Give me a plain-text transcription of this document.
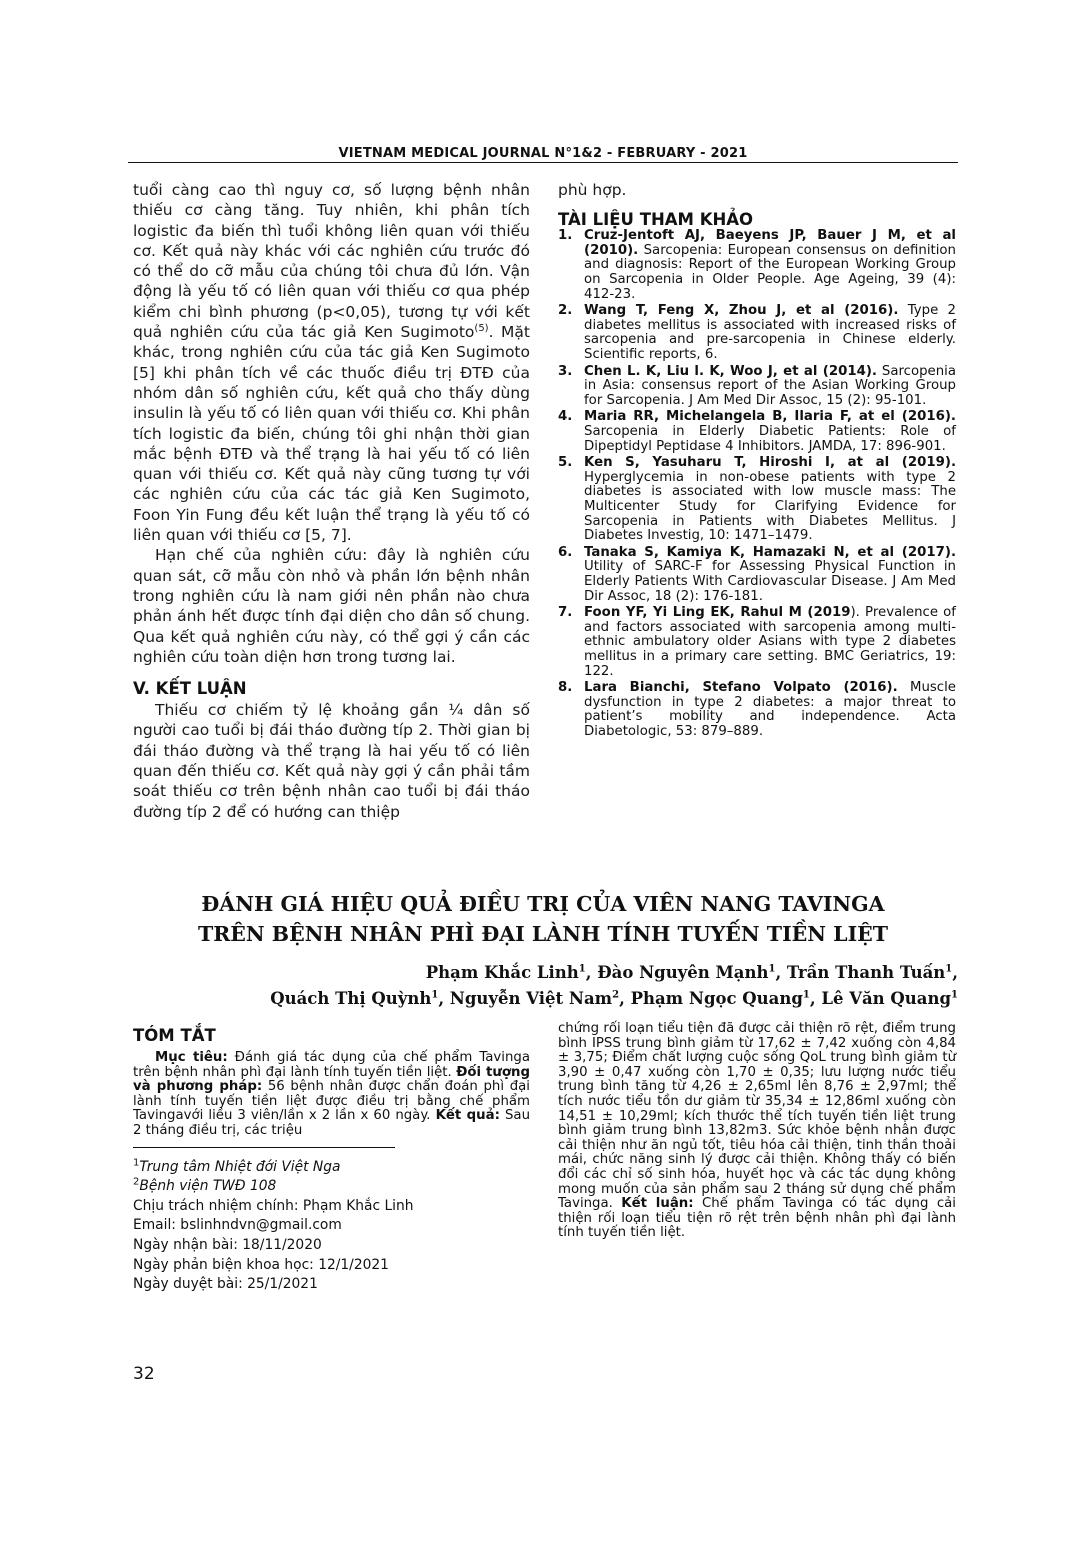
VIETNAM MEDICAL JOURNAL N°1&2 - FEBRUARY - 2021

tuổi càng cao thì nguy cơ, số lượng bệnh nhân thiếu cơ càng tăng. Tuy nhiên, khi phân tích logistic đa biến thì tuổi không liên quan với thiếu cơ. Kết quả này khác với các nghiên cứu trước đó có thể do cỡ mẫu của chúng tôi chưa đủ lớn. Vận động là yếu tố có liên quan với thiếu cơ qua phép kiểm chi bình phương (p<0,05), tương tự với kết quả nghiên cứu của tác giả Ken Sugimoto$^{(5)}$. Mặt khác, trong nghiên cứu của tác giả Ken Sugimoto [5] khi phân tích về các thuốc điều trị ĐTĐ của nhóm dân số nghiên cứu, kết quả cho thấy dùng insulin là yếu tố có liên quan với thiếu cơ. Khi phân tích logistic đa biến, chúng tôi ghi nhận thời gian mắc bệnh ĐTĐ và thể trạng là hai yếu tố có liên quan với thiếu cơ. Kết quả này cũng tương tự với các nghiên cứu của các tác giả Ken Sugimoto, Foon Yin Fung đều kết luận thể trạng là yếu tố có liên quan với thiếu cơ [5, 7].

Hạn chế của nghiên cứu: đây là nghiên cứu quan sát, cỡ mẫu còn nhỏ và phần lớn bệnh nhân trong nghiên cứu là nam giới nên phần nào chưa phản ánh hết được tính đại diện cho dân số chung. Qua kết quả nghiên cứu này, có thể gợi ý cần các nghiên cứu toàn diện hơn trong tương lai.

V. KẾT LUẬN

Thiếu cơ chiếm tỷ lệ khoảng gần ¼ dân số người cao tuổi bị đái tháo đường típ 2. Thời gian bị đái tháo đường và thể trạng là hai yếu tố có liên quan đến thiếu cơ. Kết quả này gợi ý cần phải tầm soát thiếu cơ trên bệnh nhân cao tuổi bị đái tháo đường típ 2 để có hướng can thiệp

phù hợp.

TÀI LIỆU THAM KHẢO
1. Cruz-Jentoft AJ, Baeyens JP, Bauer J M, et al (2010). Sarcopenia: European consensus on definition and diagnosis: Report of the European Working Group on Sarcopenia in Older People. Age Ageing, 39 (4): 412-23.
2. Wang T, Feng X, Zhou J, et al (2016). Type 2 diabetes mellitus is associated with increased risks of sarcopenia and pre-sarcopenia in Chinese elderly. Scientific reports, 6.
3. Chen L. K, Liu l. K, Woo J, et al (2014). Sarcopenia in Asia: consensus report of the Asian Working Group for Sarcopenia. J Am Med Dir Assoc, 15 (2): 95-101.
4. Maria RR, Michelangela B, Ilaria F, at el (2016). Sarcopenia in Elderly Diabetic Patients: Role of Dipeptidyl Peptidase 4 Inhibitors. JAMDA, 17: 896-901.
5. Ken S, Yasuharu T, Hiroshi I, at al (2019). Hyperglycemia in non-obese patients with type 2 diabetes is associated with low muscle mass: The Multicenter Study for Clarifying Evidence for Sarcopenia in Patients with Diabetes Mellitus. J Diabetes Investig, 10: 1471–1479.
6. Tanaka S, Kamiya K, Hamazaki N, et al (2017). Utility of SARC-F for Assessing Physical Function in Elderly Patients With Cardiovascular Disease. J Am Med Dir Assoc, 18 (2): 176-181.
7. Foon YF, Yi Ling EK, Rahul M (2019). Prevalence of and factors associated with sarcopenia among multi-ethnic ambulatory older Asians with type 2 diabetes mellitus in a primary care setting. BMC Geriatrics, 19: 122.
8. Lara Bianchi, Stefano Volpato (2016). Muscle dysfunction in type 2 diabetes: a major threat to patient’s mobility and independence. Acta Diabetologic, 53: 879–889.
ĐÁNH GIÁ HIỆU QUẢ ĐIỀU TRỊ CỦA VIÊN NANG TAVINGA
TRÊN BỆNH NHÂN PHÌ ĐẠI LÀNH TÍNH TUYẾN TIỀN LIỆT
Phạm Khắc Linh$^1$, Đào Nguyên Mạnh$^1$, Trần Thanh Tuấn$^1$,
Quách Thị Quỳnh$^1$, Nguyễn Việt Nam$^2$, Phạm Ngọc Quang$^1$, Lê Văn Quang$^1$
TÓM TẮT

Mục tiêu: Đánh giá tác dụng của chế phẩm Tavinga trên bệnh nhân phì đại lành tính tuyến tiền liệt. Đối tượng và phương pháp: 56 bệnh nhân được chẩn đoán phì đại lành tính tuyến tiền liệt được điều trị bằng chế phẩm Tavingavới liều 3 viên/lần x 2 lần x 60 ngày. Kết quả: Sau 2 tháng điều trị, các triệu

$^1$Trung tâm Nhiệt đới Việt Nga

$^2$Bệnh viện TWĐ 108

Chịu trách nhiệm chính: Phạm Khắc Linh

Email: bslinhndvn@gmail.com

Ngày nhận bài: 18/11/2020

Ngày phản biện khoa học: 12/1/2021

Ngày duyệt bài: 25/1/2021

chứng rối loạn tiểu tiện đã được cải thiện rõ rệt, điểm trung bình IPSS trung bình giảm từ 17,62 ± 7,42 xuống còn 4,84 ± 3,75; Điểm chất lượng cuộc sống QoL trung bình giảm từ 3,90 ± 0,47 xuống còn 1,70 ± 0,35; lưu lượng nước tiểu trung bình tăng từ 4,26 ± 2,65ml lên 8,76 ± 2,97ml; thể tích nước tiểu tồn dư giảm từ 35,34 ± 12,86ml xuống còn 14,51 ± 10,29ml; kích thước thể tích tuyến tiền liệt trung bình giảm trung bình 13,82m3. Sức khỏe bệnh nhân được cải thiện như ăn ngủ tốt, tiêu hóa cải thiện, tinh thần thoải mái, chức năng sinh lý được cải thiện. Không thấy có biến đổi các chỉ số sinh hóa, huyết học và các tác dụng không mong muốn của sản phẩm sau 2 tháng sử dụng chế phẩm Tavinga. Kết luận: Chế phẩm Tavinga có tác dụng cải thiện rối loạn tiểu tiện rõ rệt trên bệnh nhân phì đại lành tính tuyến tiền liệt.

32
